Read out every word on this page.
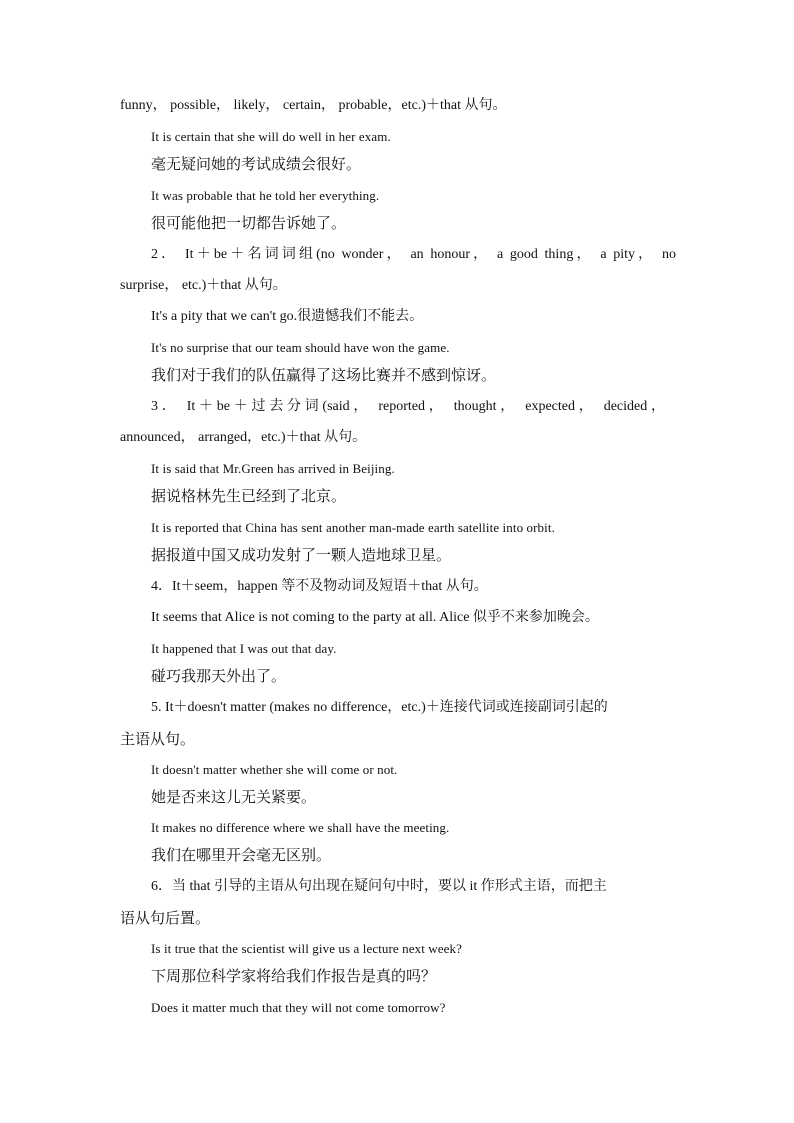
funny， possible， likely， certain， probable，etc.)＋that 从句。
It is certain that she will do well in her exam.
毫无疑问她的考试成绩会很好。
It was probable that he told her everything.
很可能他把一切都告诉她了。
2． It＋be＋名词词组(no wonder， an honour， a good thing， a pity， no
surprise， etc.)＋that 从句。
It's a pity that we can't go.很遗憾我们不能去。
It's no surprise that our team should have won the game.
我们对于我们的队伍赢得了这场比赛并不感到惊讶。
3． It＋be＋过去分词(said， reported， thought， expected， decided，
announced， arranged，etc.)＋that 从句。
It is said that Mr.Green has arrived in Beijing.
据说格林先生已经到了北京。
It is reported that China has sent another man-made earth satellite into orbit.
据报道中国又成功发射了一颗人造地球卫星。
4．It＋seem，happen 等不及物动词及短语＋that 从句。
It seems that Alice is not coming to the party at all. Alice 似乎不来参加晚会。
It happened that I was out that day.
碰巧我那天外出了。
5. It＋doesn't matter (makes no difference，etc.)＋连接代词或连接副词引起的
主语从句。
It doesn't matter whether she will come or not.
她是否来这儿无关紧要。
It makes no difference where we shall have the meeting.
我们在哪里开会毫无区别。
6．当 that 引导的主语从句出现在疑问句中时，要以 it 作形式主语，而把主
语从句后置。
Is it true that the scientist will give us a lecture next week?
下周那位科学家将给我们作报告是真的吗？
Does it matter much that they will not come tomorrow?
